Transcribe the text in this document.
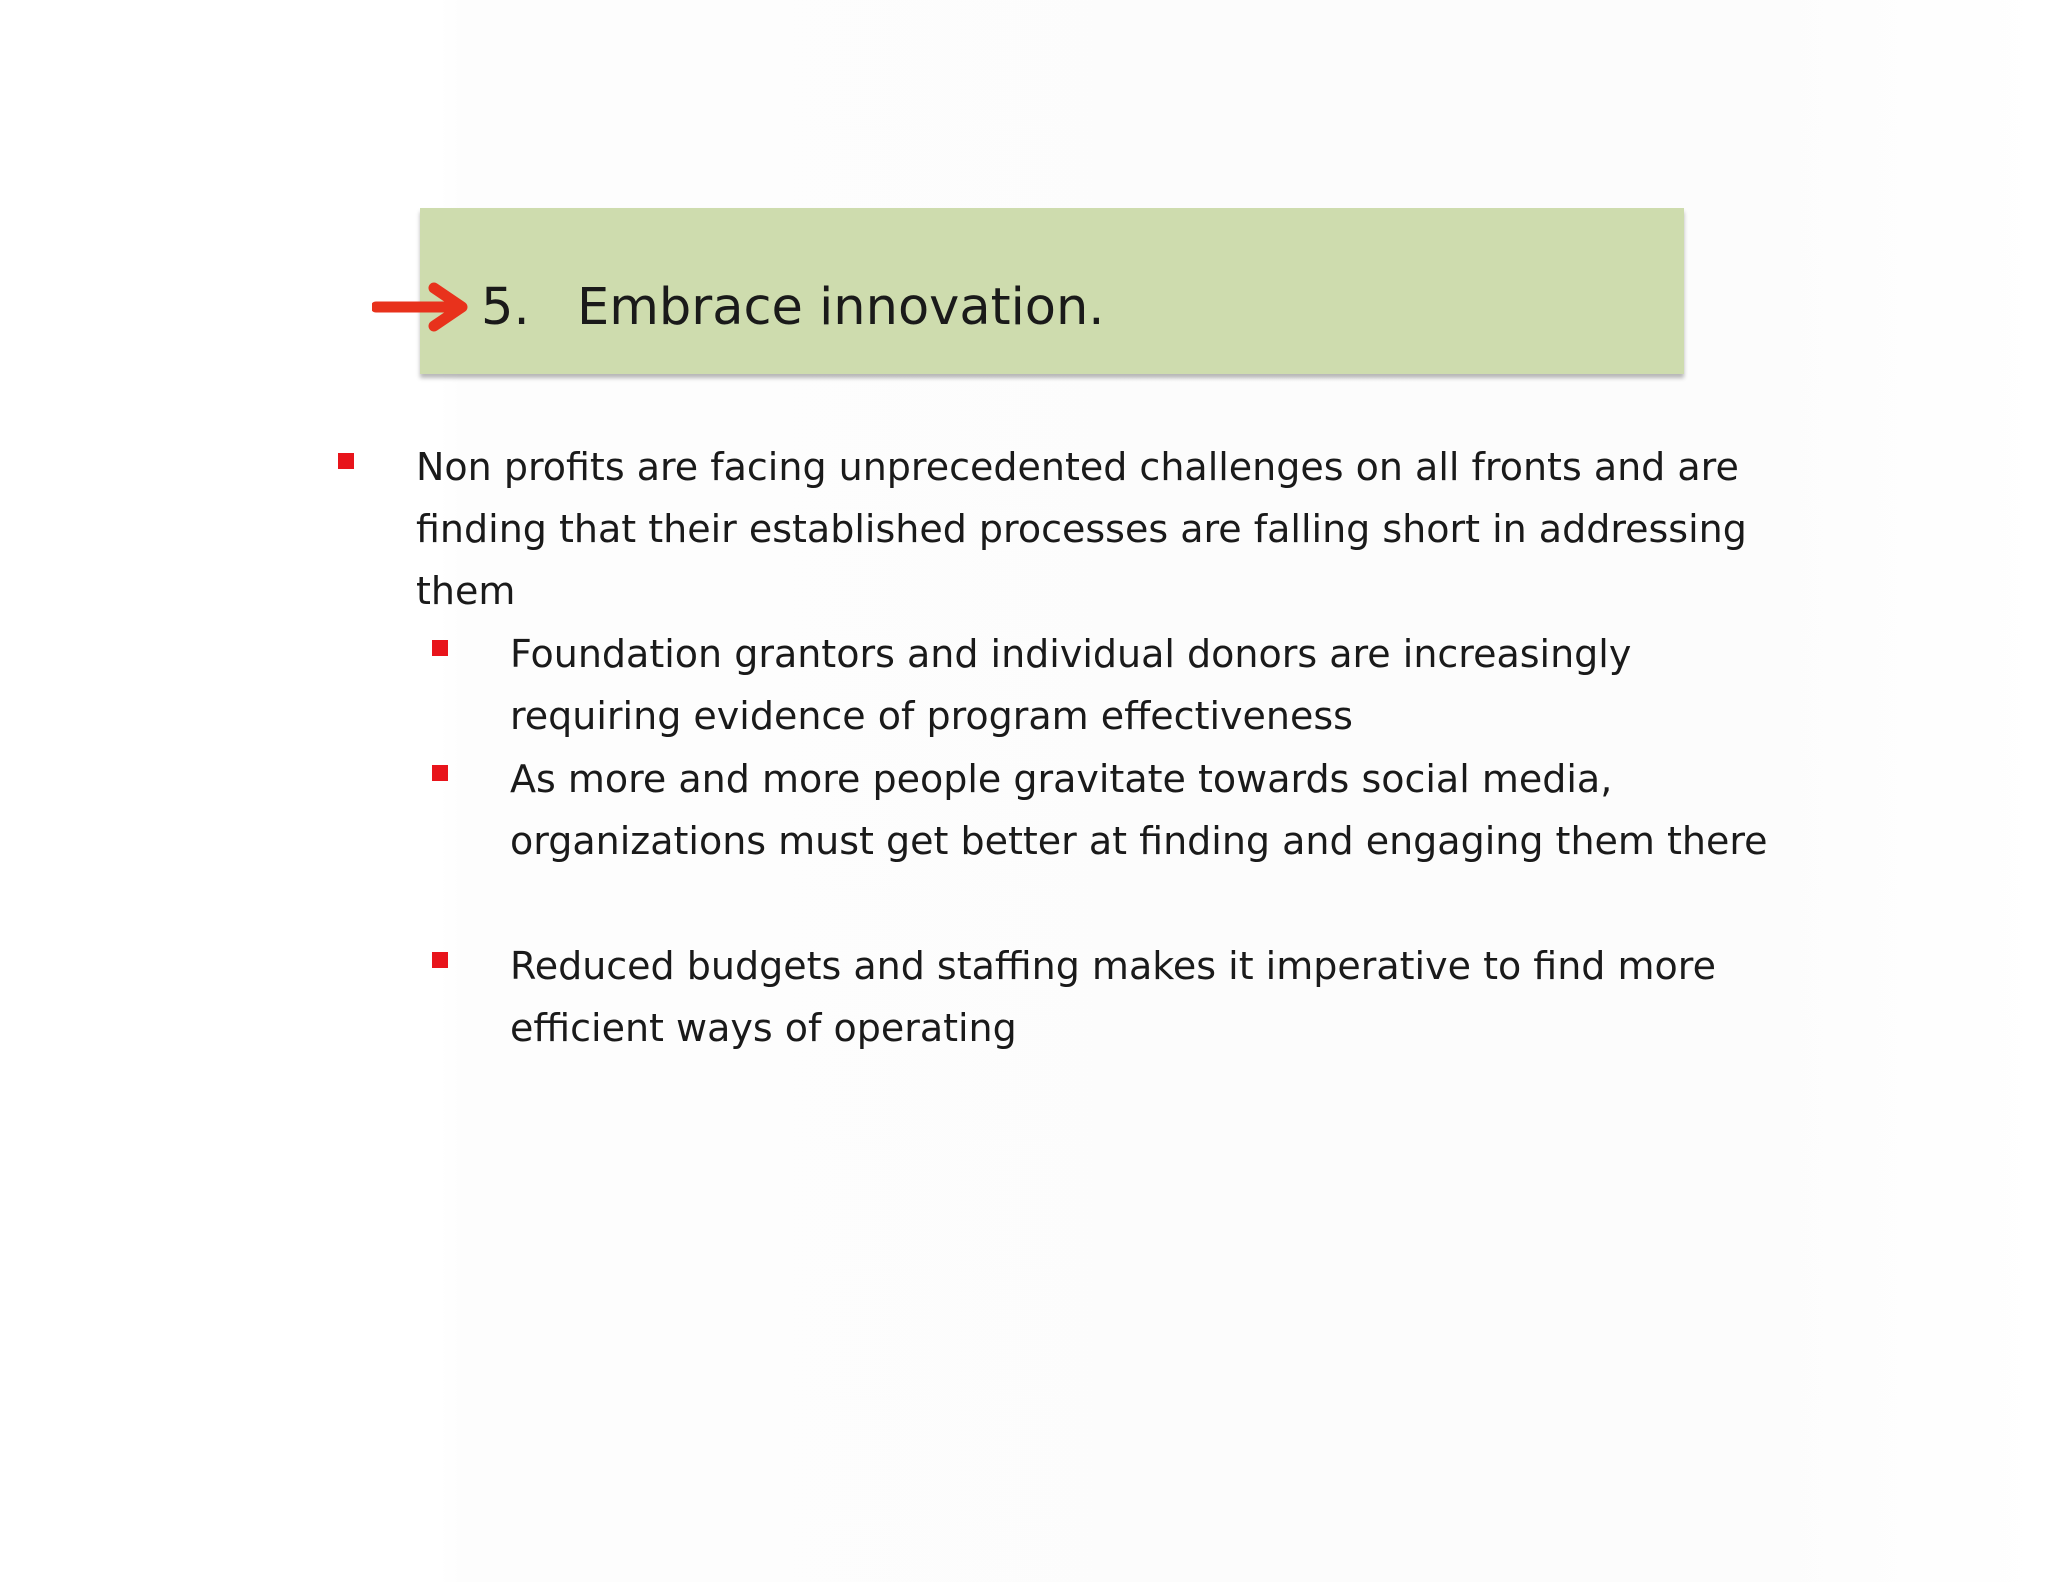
5. Embrace innovation.
Non profits are facing unprecedented challenges on all fronts and are finding that their established processes are falling short in addressing them
Foundation grantors and individual donors are increasingly requiring evidence of program effectiveness
As more and more people gravitate towards social media, organizations must get better at finding and engaging them there
Reduced budgets and staffing makes it imperative to find more efficient ways of operating
